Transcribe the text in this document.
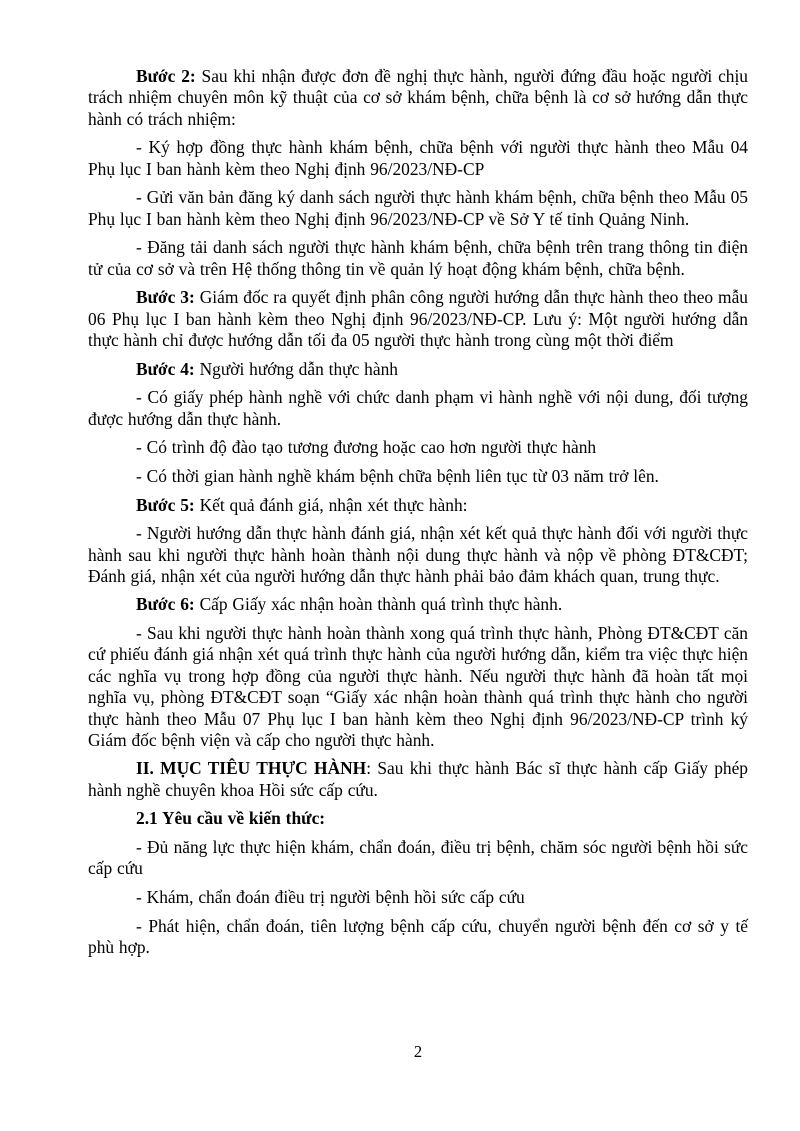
Bước 2: Sau khi nhận được đơn đề nghị thực hành, người đứng đầu hoặc người chịu trách nhiệm chuyên môn kỹ thuật của cơ sở khám bệnh, chữa bệnh là cơ sở hướng dẫn thực hành có trách nhiệm:

- Ký hợp đồng thực hành khám bệnh, chữa bệnh với người thực hành theo Mẫu 04 Phụ lục I ban hành kèm theo Nghị định 96/2023/NĐ-CP

- Gửi văn bản đăng ký danh sách người thực hành khám bệnh, chữa bệnh theo Mẫu 05 Phụ lục I ban hành kèm theo Nghị định 96/2023/NĐ-CP về Sở Y tế tỉnh Quảng Ninh.

- Đăng tải danh sách người thực hành khám bệnh, chữa bệnh trên trang thông tin điện tử của cơ sở và trên Hệ thống thông tin về quản lý hoạt động khám bệnh, chữa bệnh.

Bước 3: Giám đốc ra quyết định phân công người hướng dẫn thực hành theo theo mẫu 06 Phụ lục I ban hành kèm theo Nghị định 96/2023/NĐ-CP. Lưu ý: Một người hướng dẫn thực hành chỉ được hướng dẫn tối đa 05 người thực hành trong cùng một thời điểm

Bước 4: Người hướng dẫn thực hành

- Có giấy phép hành nghề với chức danh phạm vi hành nghề với nội dung, đối tượng được hướng dẫn thực hành.

- Có trình độ đào tạo tương đương hoặc cao hơn người thực hành

- Có thời gian hành nghề khám bệnh chữa bệnh liên tục từ 03 năm trở lên.

Bước 5: Kết quả đánh giá, nhận xét thực hành:

- Người hướng dẫn thực hành đánh giá, nhận xét kết quả thực hành đối với người thực hành sau khi người thực hành hoàn thành nội dung thực hành và nộp về phòng ĐT&CĐT; Đánh giá, nhận xét của người hướng dẫn thực hành phải bảo đảm khách quan, trung thực.

Bước 6: Cấp Giấy xác nhận hoàn thành quá trình thực hành.

- Sau khi người thực hành hoàn thành xong quá trình thực hành, Phòng ĐT&CĐT căn cứ phiếu đánh giá nhận xét quá trình thực hành của người hướng dẫn, kiểm tra việc thực hiện các nghĩa vụ trong hợp đồng của người thực hành. Nếu người thực hành đã hoàn tất mọi nghĩa vụ, phòng ĐT&CĐT soạn “Giấy xác nhận hoàn thành quá trình thực hành cho người thực hành theo Mẫu 07 Phụ lục I ban hành kèm theo Nghị định 96/2023/NĐ-CP trình ký Giám đốc bệnh viện và cấp cho người thực hành.

II. MỤC TIÊU THỰC HÀNH: Sau khi thực hành Bác sĩ thực hành cấp Giấy phép hành nghề chuyên khoa Hồi sức cấp cứu.

2.1 Yêu cầu về kiến thức:

- Đủ năng lực thực hiện khám, chẩn đoán, điều trị bệnh, chăm sóc người bệnh hồi sức cấp cứu

- Khám, chẩn đoán điều trị người bệnh hồi sức cấp cứu

- Phát hiện, chẩn đoán, tiên lượng bệnh cấp cứu, chuyển người bệnh đến cơ sở y tế phù hợp.

2
